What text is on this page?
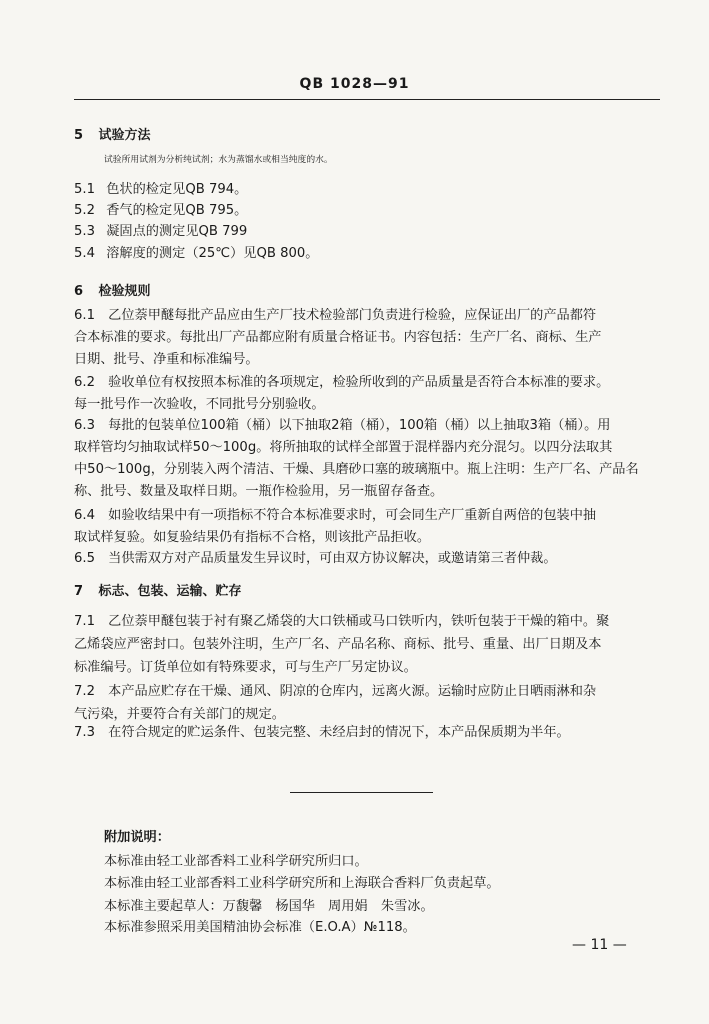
QB 1028—91
5 试验方法
试验所用试剂为分析纯试剂；水为蒸馏水或相当纯度的水。
5.1 色状的检定见QB 794。
5.2 香气的检定见QB 795。
5.3 凝固点的测定见QB 799
5.4 溶解度的测定（25℃）见QB 800。
6 检验规则
6.1　乙位萘甲醚每批产品应由生产厂技术检验部门负责进行检验，应保证出厂的产品都符
合本标准的要求。每批出厂产品都应附有质量合格证书。内容包括：生产厂名、商标、生产
日期、批号、净重和标准编号。
6.2　验收单位有权按照本标准的各项规定，检验所收到的产品质量是否符合本标准的要求。
每一批号作一次验收，不同批号分别验收。
6.3　每批的包装单位100箱（桶）以下抽取2箱（桶），100箱（桶）以上抽取3箱（桶）。用
取样管均匀抽取试样50～100g。将所抽取的试样全部置于混样器内充分混匀。以四分法取其
中50～100g，分别装入两个清洁、干燥、具磨砂口塞的玻璃瓶中。瓶上注明：生产厂名、产品名
称、批号、数量及取样日期。一瓶作检验用，另一瓶留存备查。
6.4　如验收结果中有一项指标不符合本标准要求时，可会同生产厂重新自两倍的包装中抽
取试样复验。如复验结果仍有指标不合格，则该批产品拒收。
6.5　当供需双方对产品质量发生异议时，可由双方协议解决，或邀请第三者仲裁。
7 标志、包装、运输、贮存
7.1　乙位萘甲醚包装于衬有聚乙烯袋的大口铁桶或马口铁听内，铁听包装于干燥的箱中。聚
乙烯袋应严密封口。包装外注明，生产厂名、产品名称、商标、批号、重量、出厂日期及本
标准编号。订货单位如有特殊要求，可与生产厂另定协议。
7.2　本产品应贮存在干燥、通风、阴凉的仓库内，远离火源。运输时应防止日晒雨淋和杂
气污染，并要符合有关部门的规定。
7.3　在符合规定的贮运条件、包装完整、未经启封的情况下，本产品保质期为半年。
附加说明：
本标准由轻工业部香料工业科学研究所归口。
本标准由轻工业部香料工业科学研究所和上海联合香料厂负责起草。
本标准主要起草人：万馥馨　杨国华　周用娟　朱雪冰。
本标准参照采用美国精油协会标准（E.O.A）№118。
— 11 —
